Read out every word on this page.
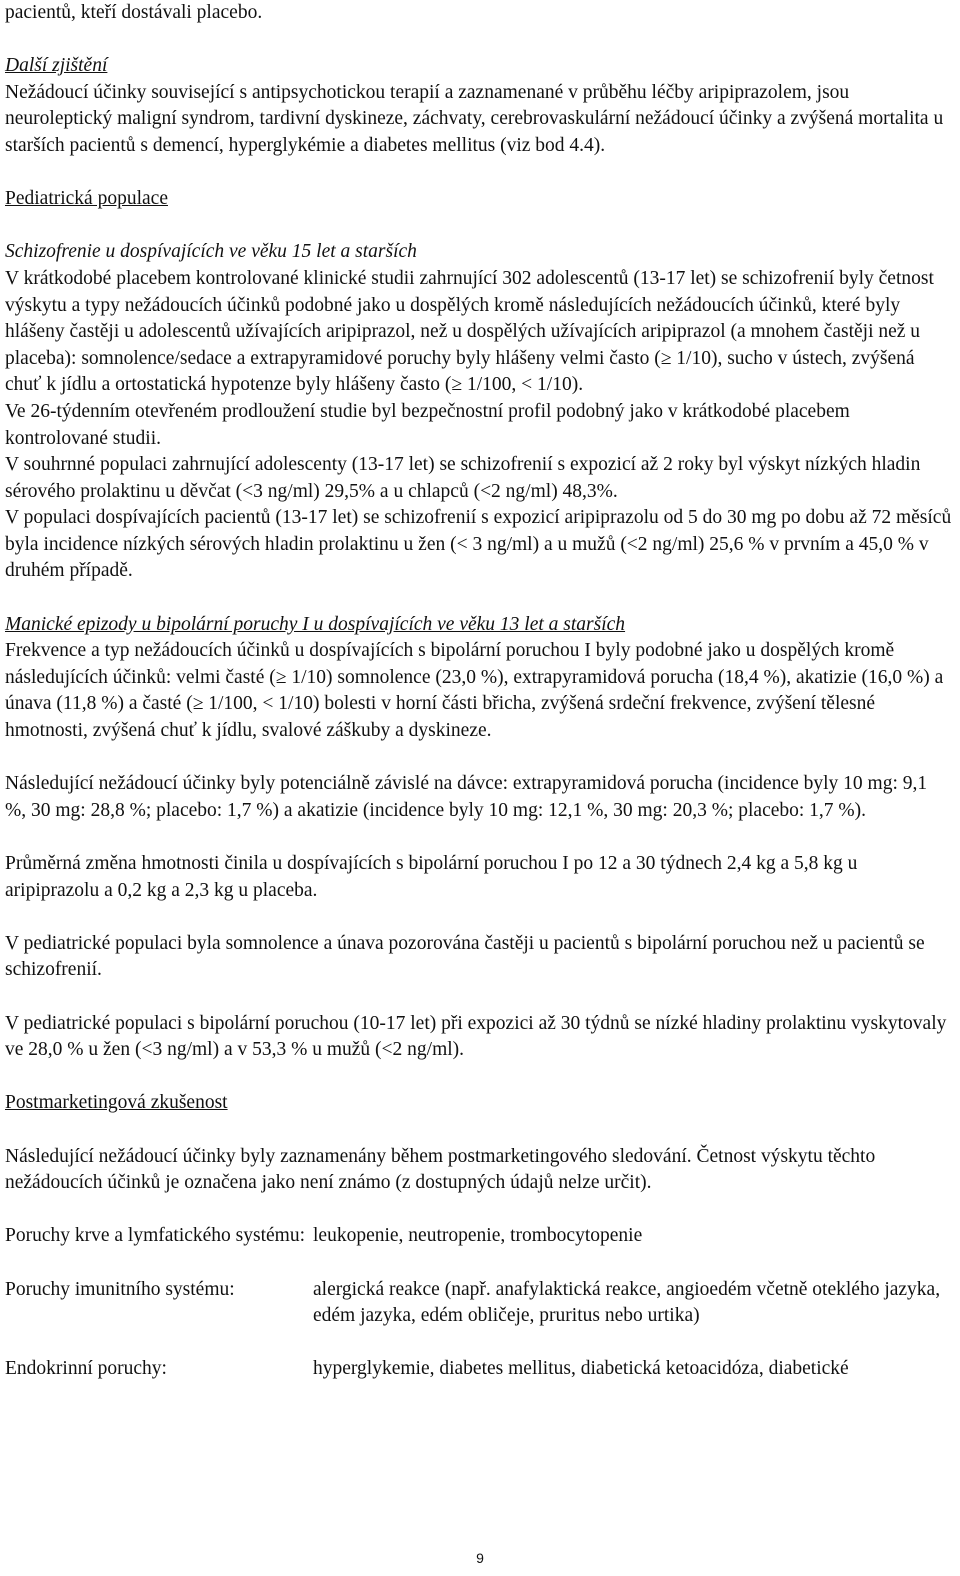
pacientů, kteří dostávali placebo.

Další zjištění

Nežádoucí účinky související s antipsychotickou terapií a zaznamenané v průběhu léčby aripiprazolem, jsou neuroleptický maligní syndrom, tardivní dyskineze, záchvaty, cerebrovaskulární nežádoucí účinky a zvýšená mortalita u starších pacientů s demencí, hyperglykémie a diabetes mellitus (viz bod 4.4).

Pediatrická populace

Schizofrenie u dospívajících ve věku 15 let a starších

V krátkodobé placebem kontrolované klinické studii zahrnující 302 adolescentů (13-17 let) se schizofrenií byly četnost výskytu a typy nežádoucích účinků podobné jako u dospělých kromě následujících nežádoucích účinků, které byly hlášeny častěji u adolescentů užívajících aripiprazol, než u dospělých užívajících aripiprazol (a mnohem častěji než u placeba): somnolence/sedace a extrapyramidové poruchy byly hlášeny velmi často (≥ 1/10), sucho v ústech, zvýšená chuť k jídlu a ortostatická hypotenze byly hlášeny často (≥ 1/100, < 1/10).

Ve 26-týdenním otevřeném prodloužení studie byl bezpečnostní profil podobný jako v krátkodobé placebem kontrolované studii.

V souhrnné populaci zahrnující adolescenty (13-17 let) se schizofrenií s expozicí až 2 roky byl výskyt nízkých hladin sérového prolaktinu u děvčat (<3 ng/ml) 29,5% a u chlapců (<2 ng/ml) 48,3%.

V populaci dospívajících pacientů (13-17 let) se schizofrenií s expozicí aripiprazolu od 5 do 30 mg po dobu až 72 měsíců byla incidence nízkých sérových hladin prolaktinu u žen (< 3 ng/ml) a u mužů (<2 ng/ml) 25,6 % v prvním a 45,0 % v druhém případě.

Manické epizody u bipolární poruchy I u dospívajících ve věku 13 let a starších

Frekvence a typ nežádoucích účinků u dospívajících s bipolární poruchou I byly podobné jako u dospělých kromě následujících účinků: velmi časté (≥ 1/10) somnolence (23,0 %), extrapyramidová porucha (18,4 %), akatizie (16,0 %) a únava (11,8 %) a časté (≥ 1/100, < 1/10) bolesti v horní části břicha, zvýšená srdeční frekvence, zvýšení tělesné hmotnosti, zvýšená chuť k jídlu, svalové záškuby a dyskineze.

Následující nežádoucí účinky byly potenciálně závislé na dávce: extrapyramidová porucha (incidence byly 10 mg: 9,1 %, 30 mg: 28,8 %; placebo: 1,7 %) a akatizie (incidence byly 10 mg: 12,1 %, 30 mg: 20,3 %; placebo: 1,7 %).

Průměrná změna hmotnosti činila u dospívajících s bipolární poruchou I po 12 a 30 týdnech 2,4 kg a 5,8 kg u aripiprazolu a 0,2 kg a 2,3 kg u placeba.

V pediatrické populaci byla somnolence a únava pozorována častěji u pacientů s bipolární poruchou než u pacientů se schizofrenií.

V pediatrické populaci s bipolární poruchou (10-17 let) při expozici až 30 týdnů se nízké hladiny prolaktinu vyskytovaly ve 28,0 % u žen (<3 ng/ml) a v 53,3 % u mužů (<2 ng/ml).

Postmarketingová zkušenost

Následující nežádoucí účinky byly zaznamenány během postmarketingového sledování. Četnost výskytu těchto nežádoucích účinků je označena jako není známo (z dostupných údajů nelze určit).

Poruchy krve a lymfatického systému: leukopenie, neutropenie, trombocytopenie
Poruchy imunitního systému:	alergická reakce (např. anafylaktická reakce, angioedém včetně oteklého jazyka, edém jazyka, edém obličeje, pruritus nebo urtika)
Endokrinní poruchy:	hyperglykemie, diabetes mellitus, diabetická ketoacidóza, diabetické
9
